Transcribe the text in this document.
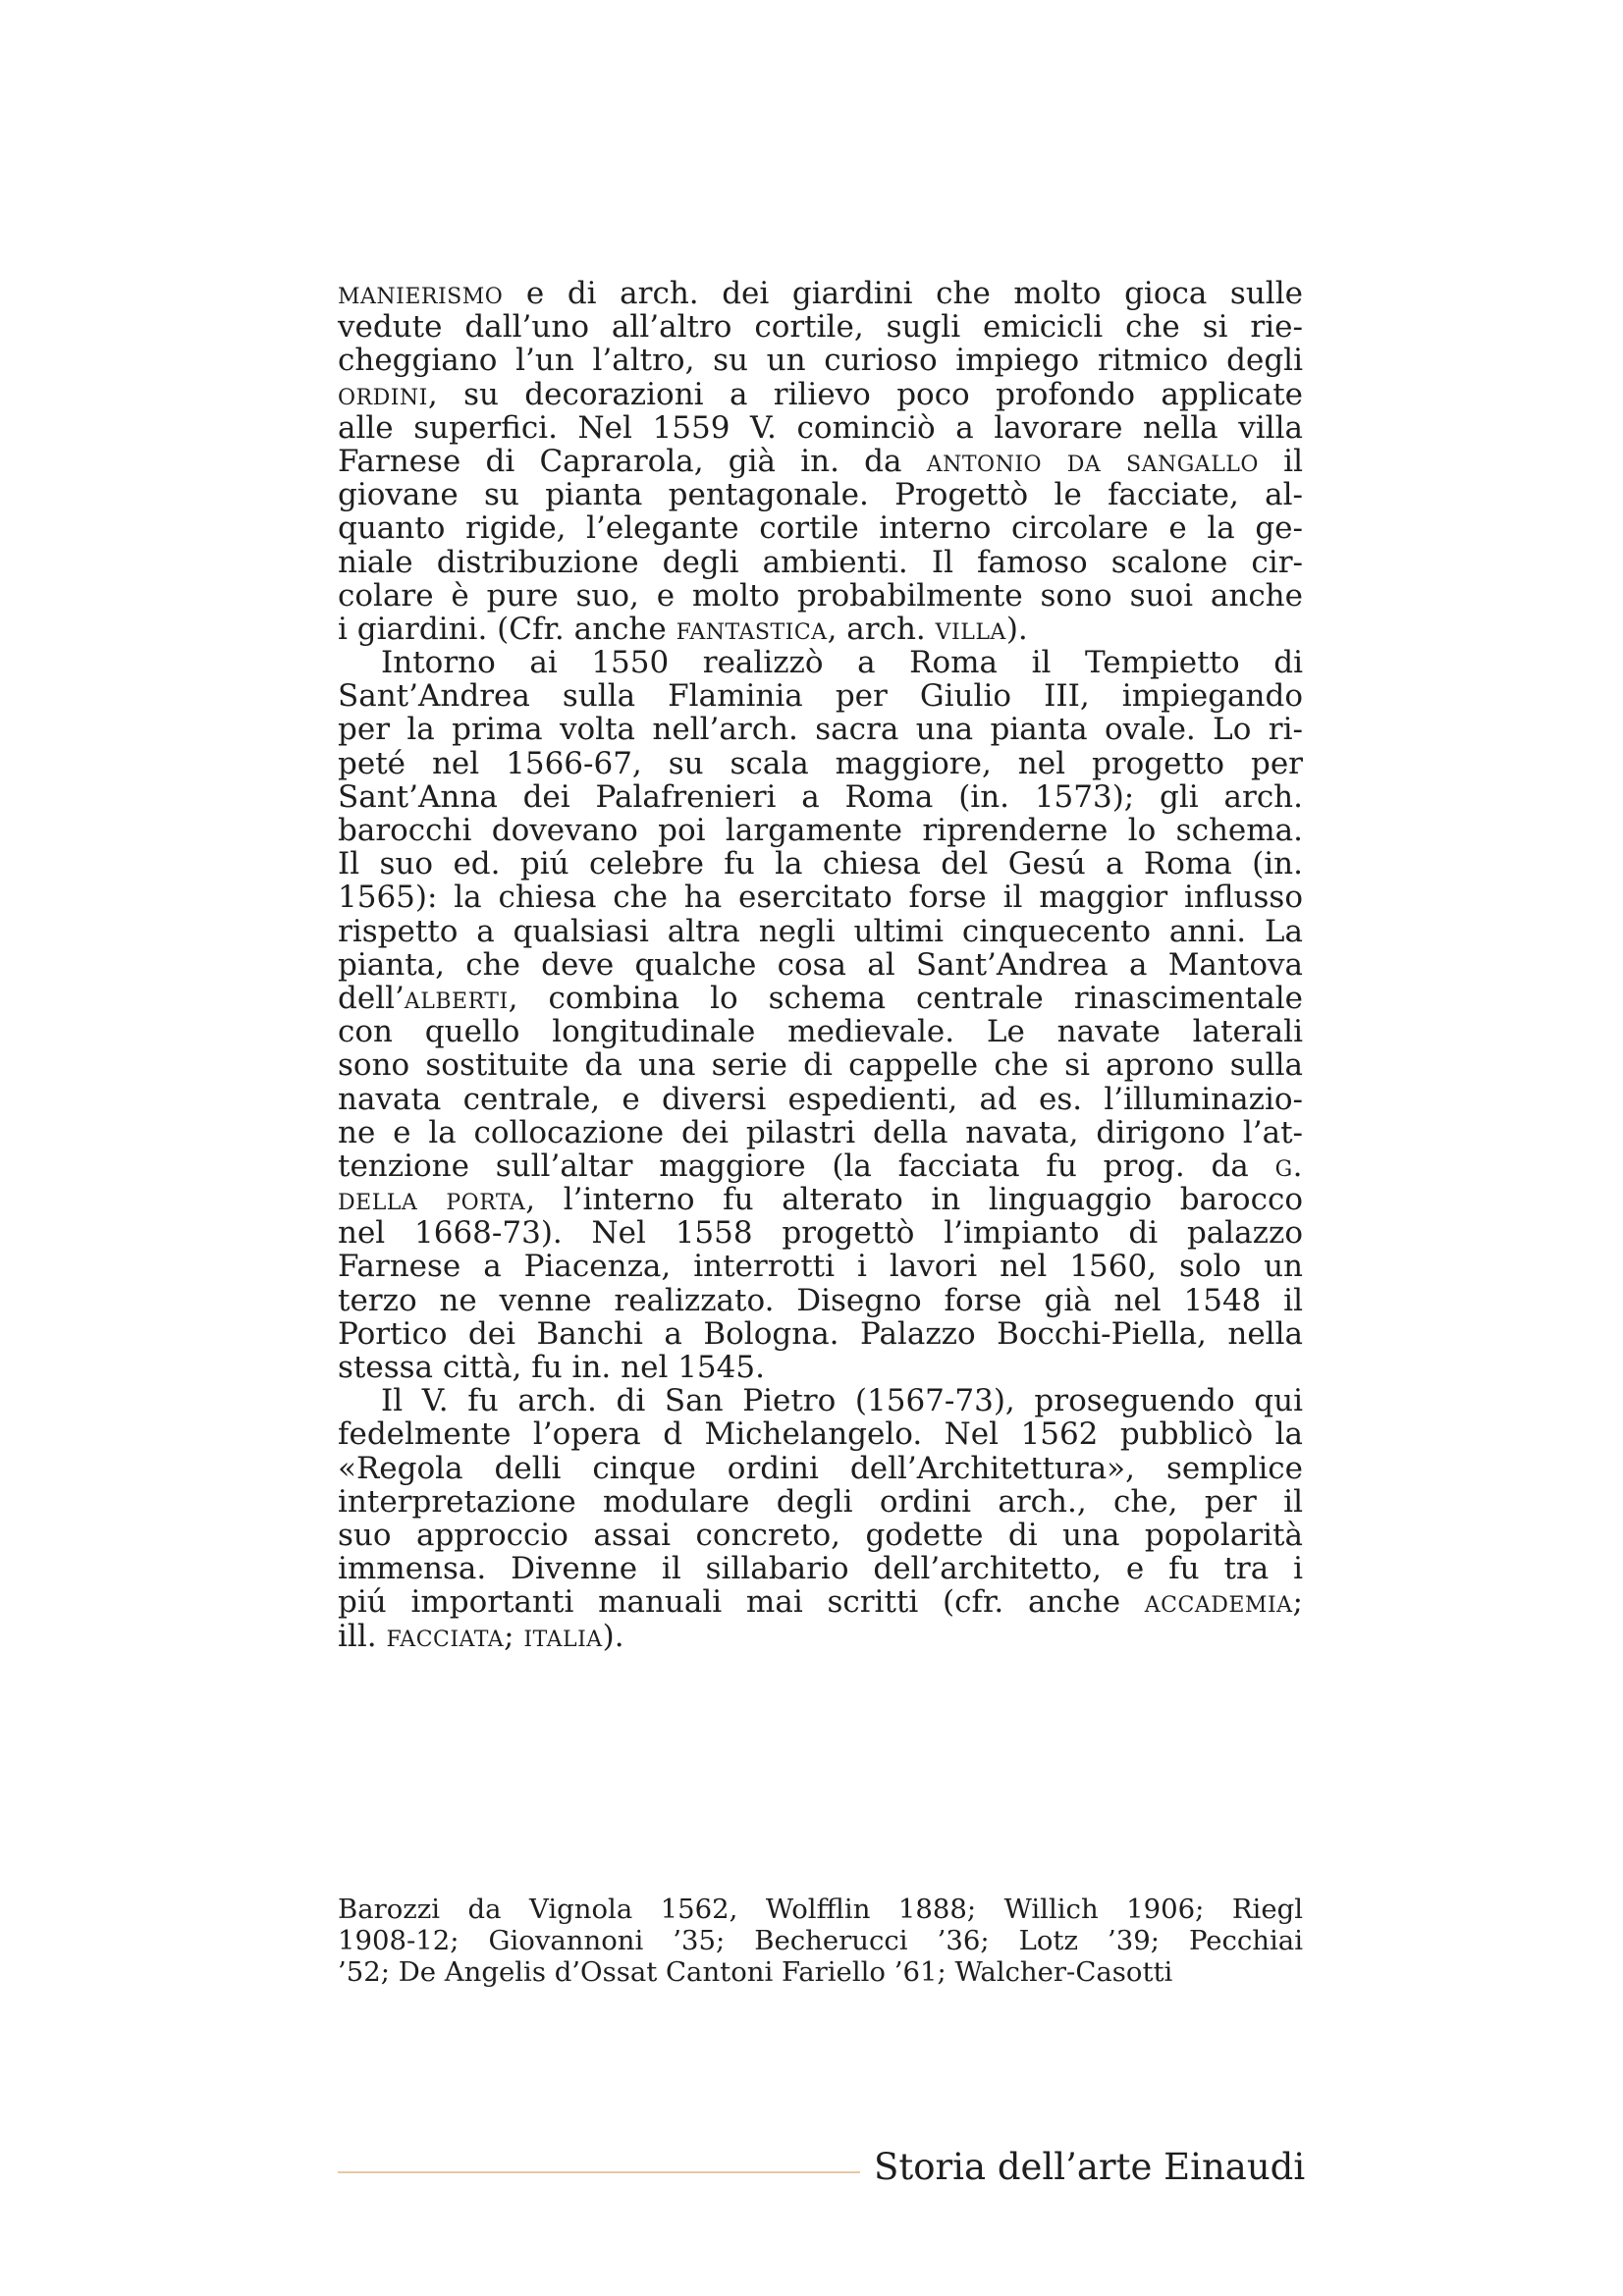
manierismo e di arch. dei giardini che molto gioca sulle
vedute dall’uno all’altro cortile, sugli emicicli che si rie-
cheggiano l’un l’altro, su un curioso impiego ritmico degli
ordini, su decorazioni a rilievo poco profondo applicate
alle superfici. Nel 1559 V. cominciò a lavorare nella villa
Farnese di Caprarola, già in. da antonio da sangallo il
giovane su pianta pentagonale. Progettò le facciate, al-
quanto rigide, l’elegante cortile interno circolare e la ge-
niale distribuzione degli ambienti. Il famoso scalone cir-
colare è pure suo, e molto probabilmente sono suoi anche
i giardini. (Cfr. anche fantastica, arch. villa).
Intorno ai 1550 realizzò a Roma il Tempietto di
Sant’Andrea sulla Flaminia per Giulio III, impiegando
per la prima volta nell’arch. sacra una pianta ovale. Lo ri-
peté nel 1566-67, su scala maggiore, nel progetto per
Sant’Anna dei Palafrenieri a Roma (in. 1573); gli arch.
barocchi dovevano poi largamente riprenderne lo schema.
Il suo ed. piú celebre fu la chiesa del Gesú a Roma (in.
1565): la chiesa che ha esercitato forse il maggior influsso
rispetto a qualsiasi altra negli ultimi cinquecento anni. La
pianta, che deve qualche cosa al Sant’Andrea a Mantova
dell’alberti, combina lo schema centrale rinascimentale
con quello longitudinale medievale. Le navate laterali
sono sostituite da una serie di cappelle che si aprono sulla
navata centrale, e diversi espedienti, ad es. l’illuminazio-
ne e la collocazione dei pilastri della navata, dirigono l’at-
tenzione sull’altar maggiore (la facciata fu prog. da g.
della porta, l’interno fu alterato in linguaggio barocco
nel 1668-73). Nel 1558 progettò l’impianto di palazzo
Farnese a Piacenza, interrotti i lavori nel 1560, solo un
terzo ne venne realizzato. Disegno forse già nel 1548 il
Portico dei Banchi a Bologna. Palazzo Bocchi-Piella, nella
stessa città, fu in. nel 1545.
Il V. fu arch. di San Pietro (1567-73), proseguendo qui
fedelmente l’opera d Michelangelo. Nel 1562 pubblicò la
«Regola delli cinque ordini dell’Architettura», semplice
interpretazione modulare degli ordini arch., che, per il
suo approccio assai concreto, godette di una popolarità
immensa. Divenne il sillabario dell’architetto, e fu tra i
piú importanti manuali mai scritti (cfr. anche accademia;
ill. facciata; italia).
Barozzi da Vignola 1562, Wolfflin 1888; Willich 1906; Riegl
1908-12; Giovannoni ’35; Becherucci ’36; Lotz ’39; Pecchiai
’52; De Angelis d’Ossat Cantoni Fariello ’61; Walcher-Casotti
Storia dell’arte Einaudi
